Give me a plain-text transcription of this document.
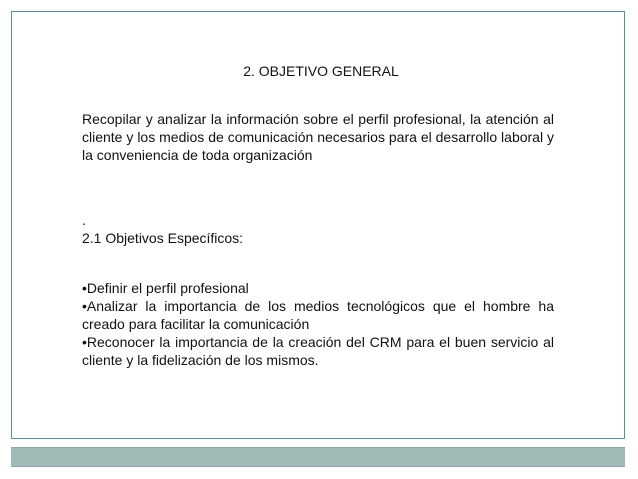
2. OBJETIVO GENERAL

Recopilar y analizar la información sobre el perfil profesional, la atención al cliente y los medios de comunicación necesarios para el desarrollo laboral y la conveniencia de toda organización

.

2.1 Objetivos Específicos:

•Definir el perfil profesional

•Analizar la importancia de los medios tecnológicos que el hombre ha creado para facilitar la comunicación

•Reconocer la importancia de la creación del CRM para el buen servicio al cliente y la fidelización de los mismos.
